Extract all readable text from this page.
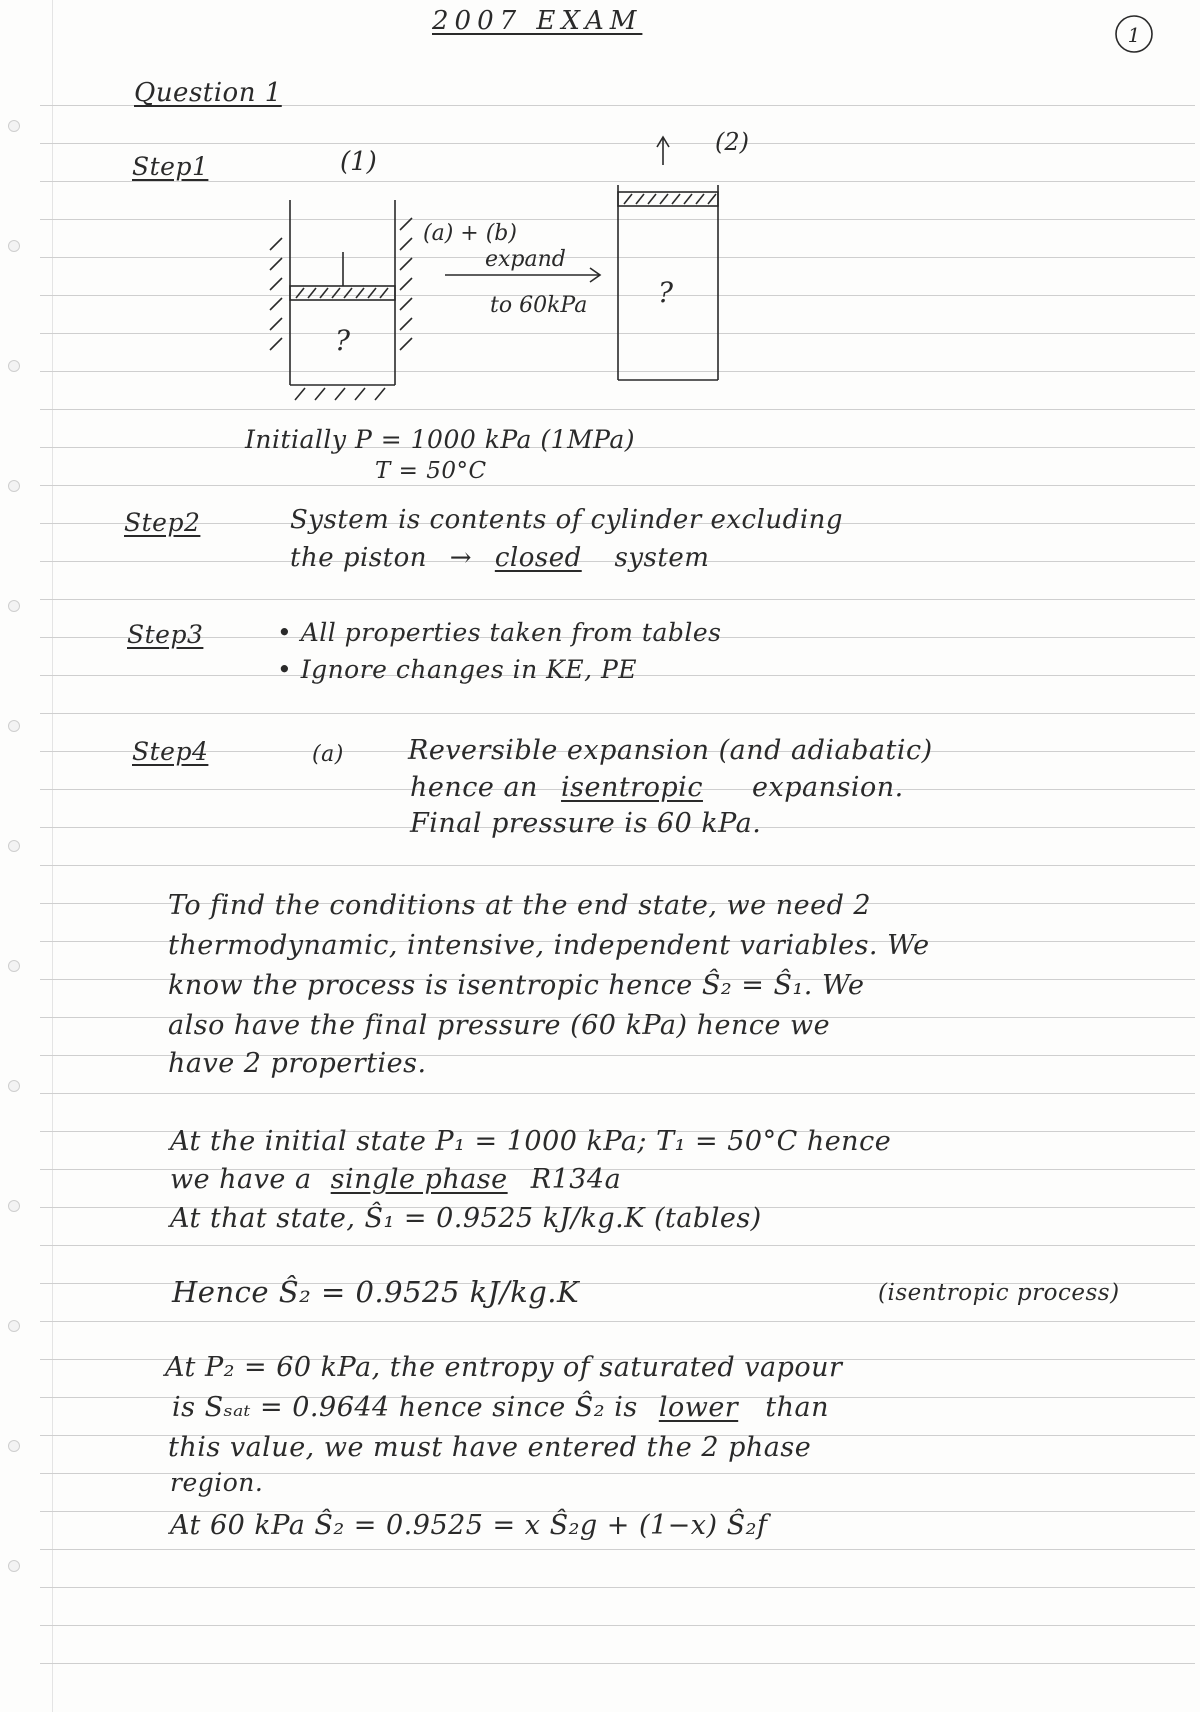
2007 EXAM	1
Question 1
Step1	(1)
?
(a) + (b)
expand
to 60kPa
(2)
?
Initially P = 1000 kPa (1MPa)
T = 50°C
Step2	System is contents of cylinder excluding
the piston → closed system
Step3	• All properties taken from tables
• Ignore changes in KE, PE
Step4	(a) Reversible expansion (and adiabatic)
hence an isentropic expansion.
Final pressure is 60 kPa.
To find the conditions at the end state, we need 2
thermodynamic, intensive, independent variables. We
know the process is isentropic hence Ŝ₂ = Ŝ₁. We
also have the final pressure (60 kPa) hence we
have 2 properties.
At the initial state P₁ = 1000 kPa; T₁ = 50°C hence
we have a single phase R134a
At that state, Ŝ₁ = 0.9525 kJ/kg.K (tables)
Hence Ŝ₂ = 0.9525 kJ/kg.K	(isentropic process)
At P₂ = 60 kPa, the entropy of saturated vapour
is Sₛₐₜ = 0.9644 hence since Ŝ₂ is lower than
this value, we must have entered the 2 phase
region.
At 60 kPa Ŝ₂ = 0.9525 = x Ŝ₂g + (1−x) Ŝ₂f
